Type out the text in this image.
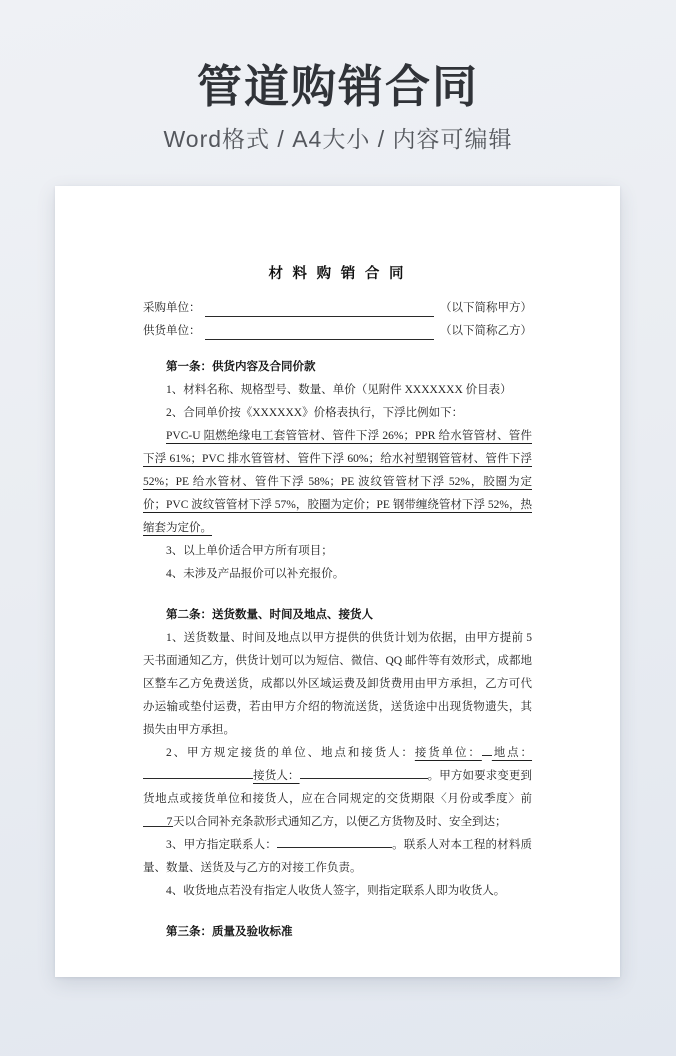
管道购销合同
Word格式 / A4大小 / 内容可编辑
材 料 购 销 合 同
采购单位：	（以下简称甲方）
供货单位：	（以下简称乙方）

第一条：供货内容及合同价款

1、材料名称、规格型号、数量、单价（见附件 XXXXXXX 价目表）

2、合同单价按《XXXXXX》价格表执行，下浮比例如下：

PVC-U 阻燃绝缘电工套管管材、管件下浮 26%；PPR 给水管管材、管件下浮 61%；PVC 排水管管材、管件下浮 60%；给水衬塑钢管管材、管件下浮 52%；PE 给水管材、管件下浮 58%；PE 波纹管管材下浮 52%，胶圈为定价；PVC 波纹管管材下浮 57%，胶圈为定价；PE 钢带缠绕管材下浮 52%，热缩套为定价。

3、以上单价适合甲方所有项目；

4、未涉及产品报价可以补充报价。

第二条：送货数量、时间及地点、接货人

1、送货数量、时间及地点以甲方提供的供货计划为依据，由甲方提前 5 天书面通知乙方，供货计划可以为短信、微信、QQ 邮件等有效形式，成都地区整车乙方免费送货，成都以外区域运费及卸货费用由甲方承担，乙方可代办运输或垫付运费，若由甲方介绍的物流送货，送货途中出现货物遗失，其损失由甲方承担。

2、甲方规定接货的单位、地点和接货人：接货单位： 地点：接货人：	。甲方如要求变更到货地点或接货单位和接货人，应在合同规定的交货期限〈月份或季度〉前7天以合同补充条款形式通知乙方，以便乙方货物及时、安全到达；

3、甲方指定联系人：	。联系人对本工程的材料质量、数量、送货及与乙方的对接工作负责。

4、收货地点若没有指定人收货人签字，则指定联系人即为收货人。

第三条：质量及验收标准
